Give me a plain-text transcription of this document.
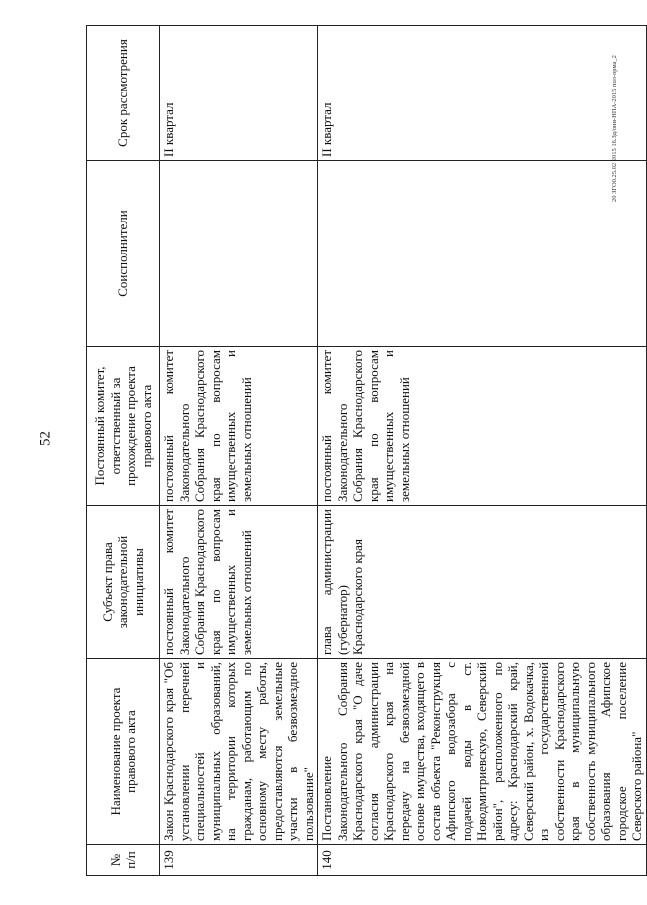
52
20 ЗГО0.25.02 2015 16.Зд/они-НПА-2015 пол-орма_2
№ п/п	Наименование проекта правового акта	Субъект права законодательной инициативы	Постоянный комитет, ответственный за прохождение проекта правового акта	Соисполнители	Срок рассмотрения
139	Закон Краснодарского края "Об установлении перечней специальностей и муниципальных образований, на территории которых гражданам, работающим по основному месту работы, предоставляются земельные участки в безвозмездное пользование"	постоянный комитет Законодательного Собрания Краснодарского края по вопросам имущественных и земельных отношений	постоянный комитет Законодательного Собрания Краснодарского края по вопросам имущественных и земельных отношений		II квартал
140	Постановление Законодательного Собрания Краснодарского края "О даче согласия администрации Краснодарского края на передачу на безвозмездной основе имущества, входящего в состав объекта "Реконструкция Афипского водозабора с подачей воды в ст. Новодмитриевскую, Северский район", расположенного по адресу: Краснодарский край, Северский район, х. Водокачка, из государственной собственности Краснодарского края в муниципальную собственность муниципального образования Афипское городское поселение Северского района"	глава администрации (губернатор) Краснодарского края	постоянный комитет Законодательного Собрания Краснодарского края по вопросам имущественных и земельных отношений		II квартал
